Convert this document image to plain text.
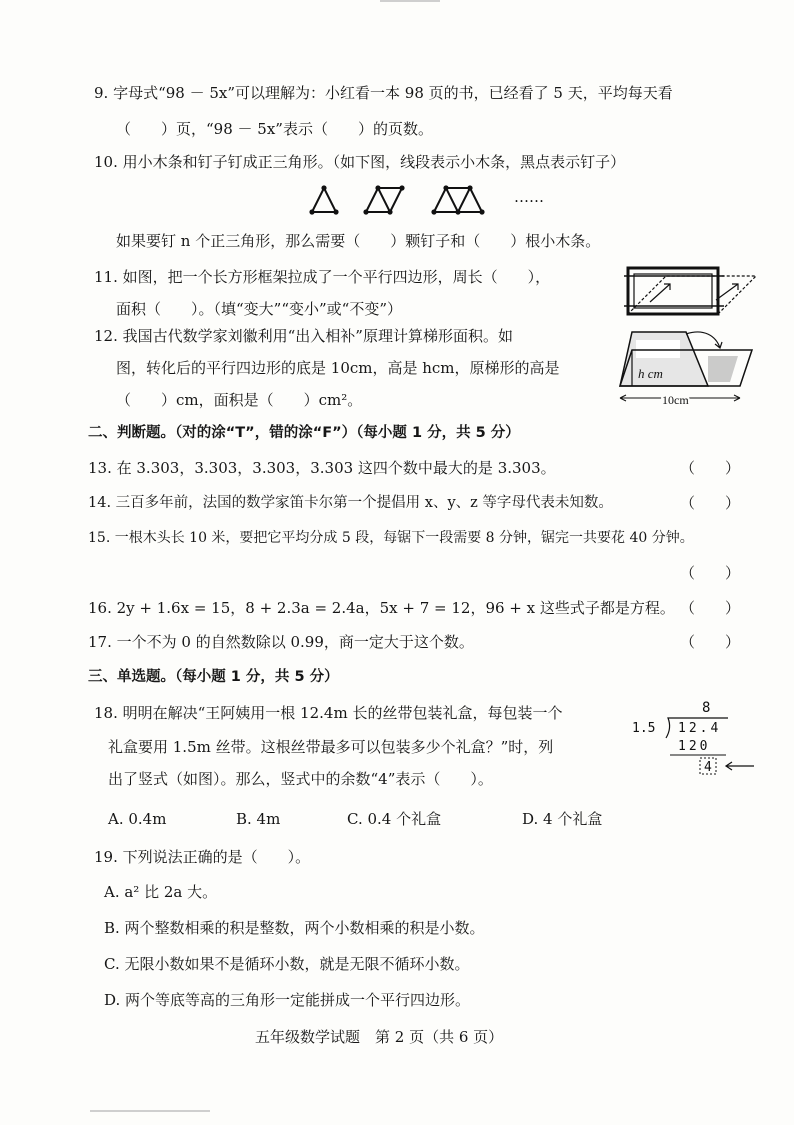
9. 字母式“98 － 5x”可以理解为：小红看一本 98 页的书，已经看了 5 天，平均每天看
（　　）页，“98 － 5x”表示（　　）的页数。
10. 用小木条和钉子钉成正三角形。（如下图，线段表示小木条，黑点表示钉子）
……
如果要钉 n 个正三角形，那么需要（　　）颗钉子和（　　）根小木条。
11. 如图，把一个长方形框架拉成了一个平行四边形，周长（　　），
面积（　　）。（填“变大”“变小”或“不变”）
12. 我国古代数学家刘徽利用“出入相补”原理计算梯形面积。如
图，转化后的平行四边形的底是 10cm，高是 hcm，原梯形的高是
（　　）cm，面积是（　　）cm²。
h cm
10cm
二、判断题。（对的涂“T”，错的涂“F”）（每小题 1 分，共 5 分）
13. 在 3.303，3.303，3.303，3.303 这四个数中最大的是 3.303。	（　　）
14. 三百多年前，法国的数学家笛卡尔第一个提倡用 x、y、z 等字母代表未知数。	（　　）
15. 一根木头长 10 米，要把它平均分成 5 段，每锯下一段需要 8 分钟，锯完一共要花 40 分钟。
（　　）
16. 2y + 1.6x = 15，8 + 2.3a = 2.4a，5x + 7 = 12，96 + x 这些式子都是方程。 （　　）
17. 一个不为 0 的自然数除以 0.99，商一定大于这个数。	（　　）
三、单选题。（每小题 1 分，共 5 分）
18. 明明在解决“王阿姨用一根 12.4m 长的丝带包装礼盒，每包装一个
礼盒要用 1.5m 丝带。这根丝带最多可以包装多少个礼盒？”时，列
出了竖式（如图）。那么，竖式中的余数“4”表示（　　）。
8
1.5 12.4
120
4
A. 0.4m	B. 4m	C. 0.4 个礼盒	D. 4 个礼盒
19. 下列说法正确的是（　　）。
A. a² 比 2a 大。
B. 两个整数相乘的积是整数，两个小数相乘的积是小数。
C. 无限小数如果不是循环小数，就是无限不循环小数。
D. 两个等底等高的三角形一定能拼成一个平行四边形。
五年级数学试题　第 2 页（共 6 页）
